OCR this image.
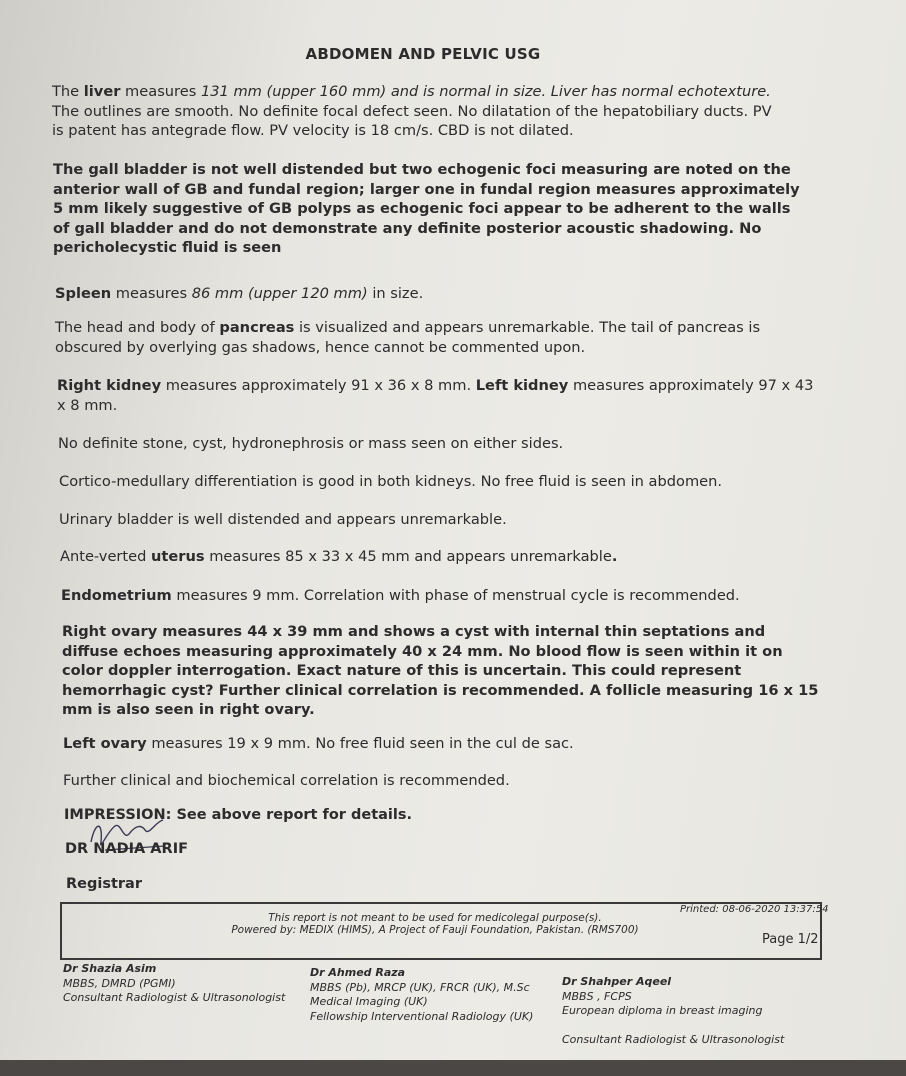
ABDOMEN AND PELVIC USG

The liver measures 131 mm (upper 160 mm) and is normal in size. Liver has normal echotexture. The outlines are smooth. No definite focal defect seen. No dilatation of the hepatobiliary ducts. PV is patent has antegrade flow. PV velocity is 18 cm/s. CBD is not dilated.

The gall bladder is not well distended but two echogenic foci measuring are noted on the anterior wall of GB and fundal region; larger one in fundal region measures approximately 5 mm likely suggestive of GB polyps as echogenic foci appear to be adherent to the walls of gall bladder and do not demonstrate any definite posterior acoustic shadowing. No pericholecystic fluid is seen

Spleen measures 86 mm (upper 120 mm) in size.

The head and body of pancreas is visualized and appears unremarkable. The tail of pancreas is obscured by overlying gas shadows, hence cannot be commented upon.

Right kidney measures approximately 91 x 36 x 8 mm. Left kidney measures approximately 97 x 43 x 8 mm.

No definite stone, cyst, hydronephrosis or mass seen on either sides.

Cortico-medullary differentiation is good in both kidneys. No free fluid is seen in abdomen.

Urinary bladder is well distended and appears unremarkable.

Ante-verted uterus measures 85 x 33 x 45 mm and appears unremarkable.

Endometrium measures 9 mm. Correlation with phase of menstrual cycle is recommended.

Right ovary measures 44 x 39 mm and shows a cyst with internal thin septations and diffuse echoes measuring approximately 40 x 24 mm. No blood flow is seen within it on color doppler interrogation. Exact nature of this is uncertain. This could represent hemorrhagic cyst? Further clinical correlation is recommended. A follicle measuring 16 x 15 mm is also seen in right ovary.

Left ovary measures 19 x 9 mm. No free fluid seen in the cul de sac.

Further clinical and biochemical correlation is recommended.

IMPRESSION: See above report for details.
DR NADIA ARIF
Registrar
Printed: 08-06-2020 13:37:54
This report is not meant to be used for medicolegal purpose(s).
Powered by: MEDIX (HIMS), A Project of Fauji Foundation, Pakistan. (RMS700)
Page 1/2
Dr Shazia Asim
MBBS, DMRD (PGMI)
Consultant Radiologist & Ultrasonologist
Dr Ahmed Raza
MBBS (Pb), MRCP (UK), FRCR (UK), M.Sc
Medical Imaging (UK)
Fellowship Interventional Radiology (UK)
Dr Shahper Aqeel
MBBS , FCPS
European diploma in breast imaging
Consultant Radiologist & Ultrasonologist
